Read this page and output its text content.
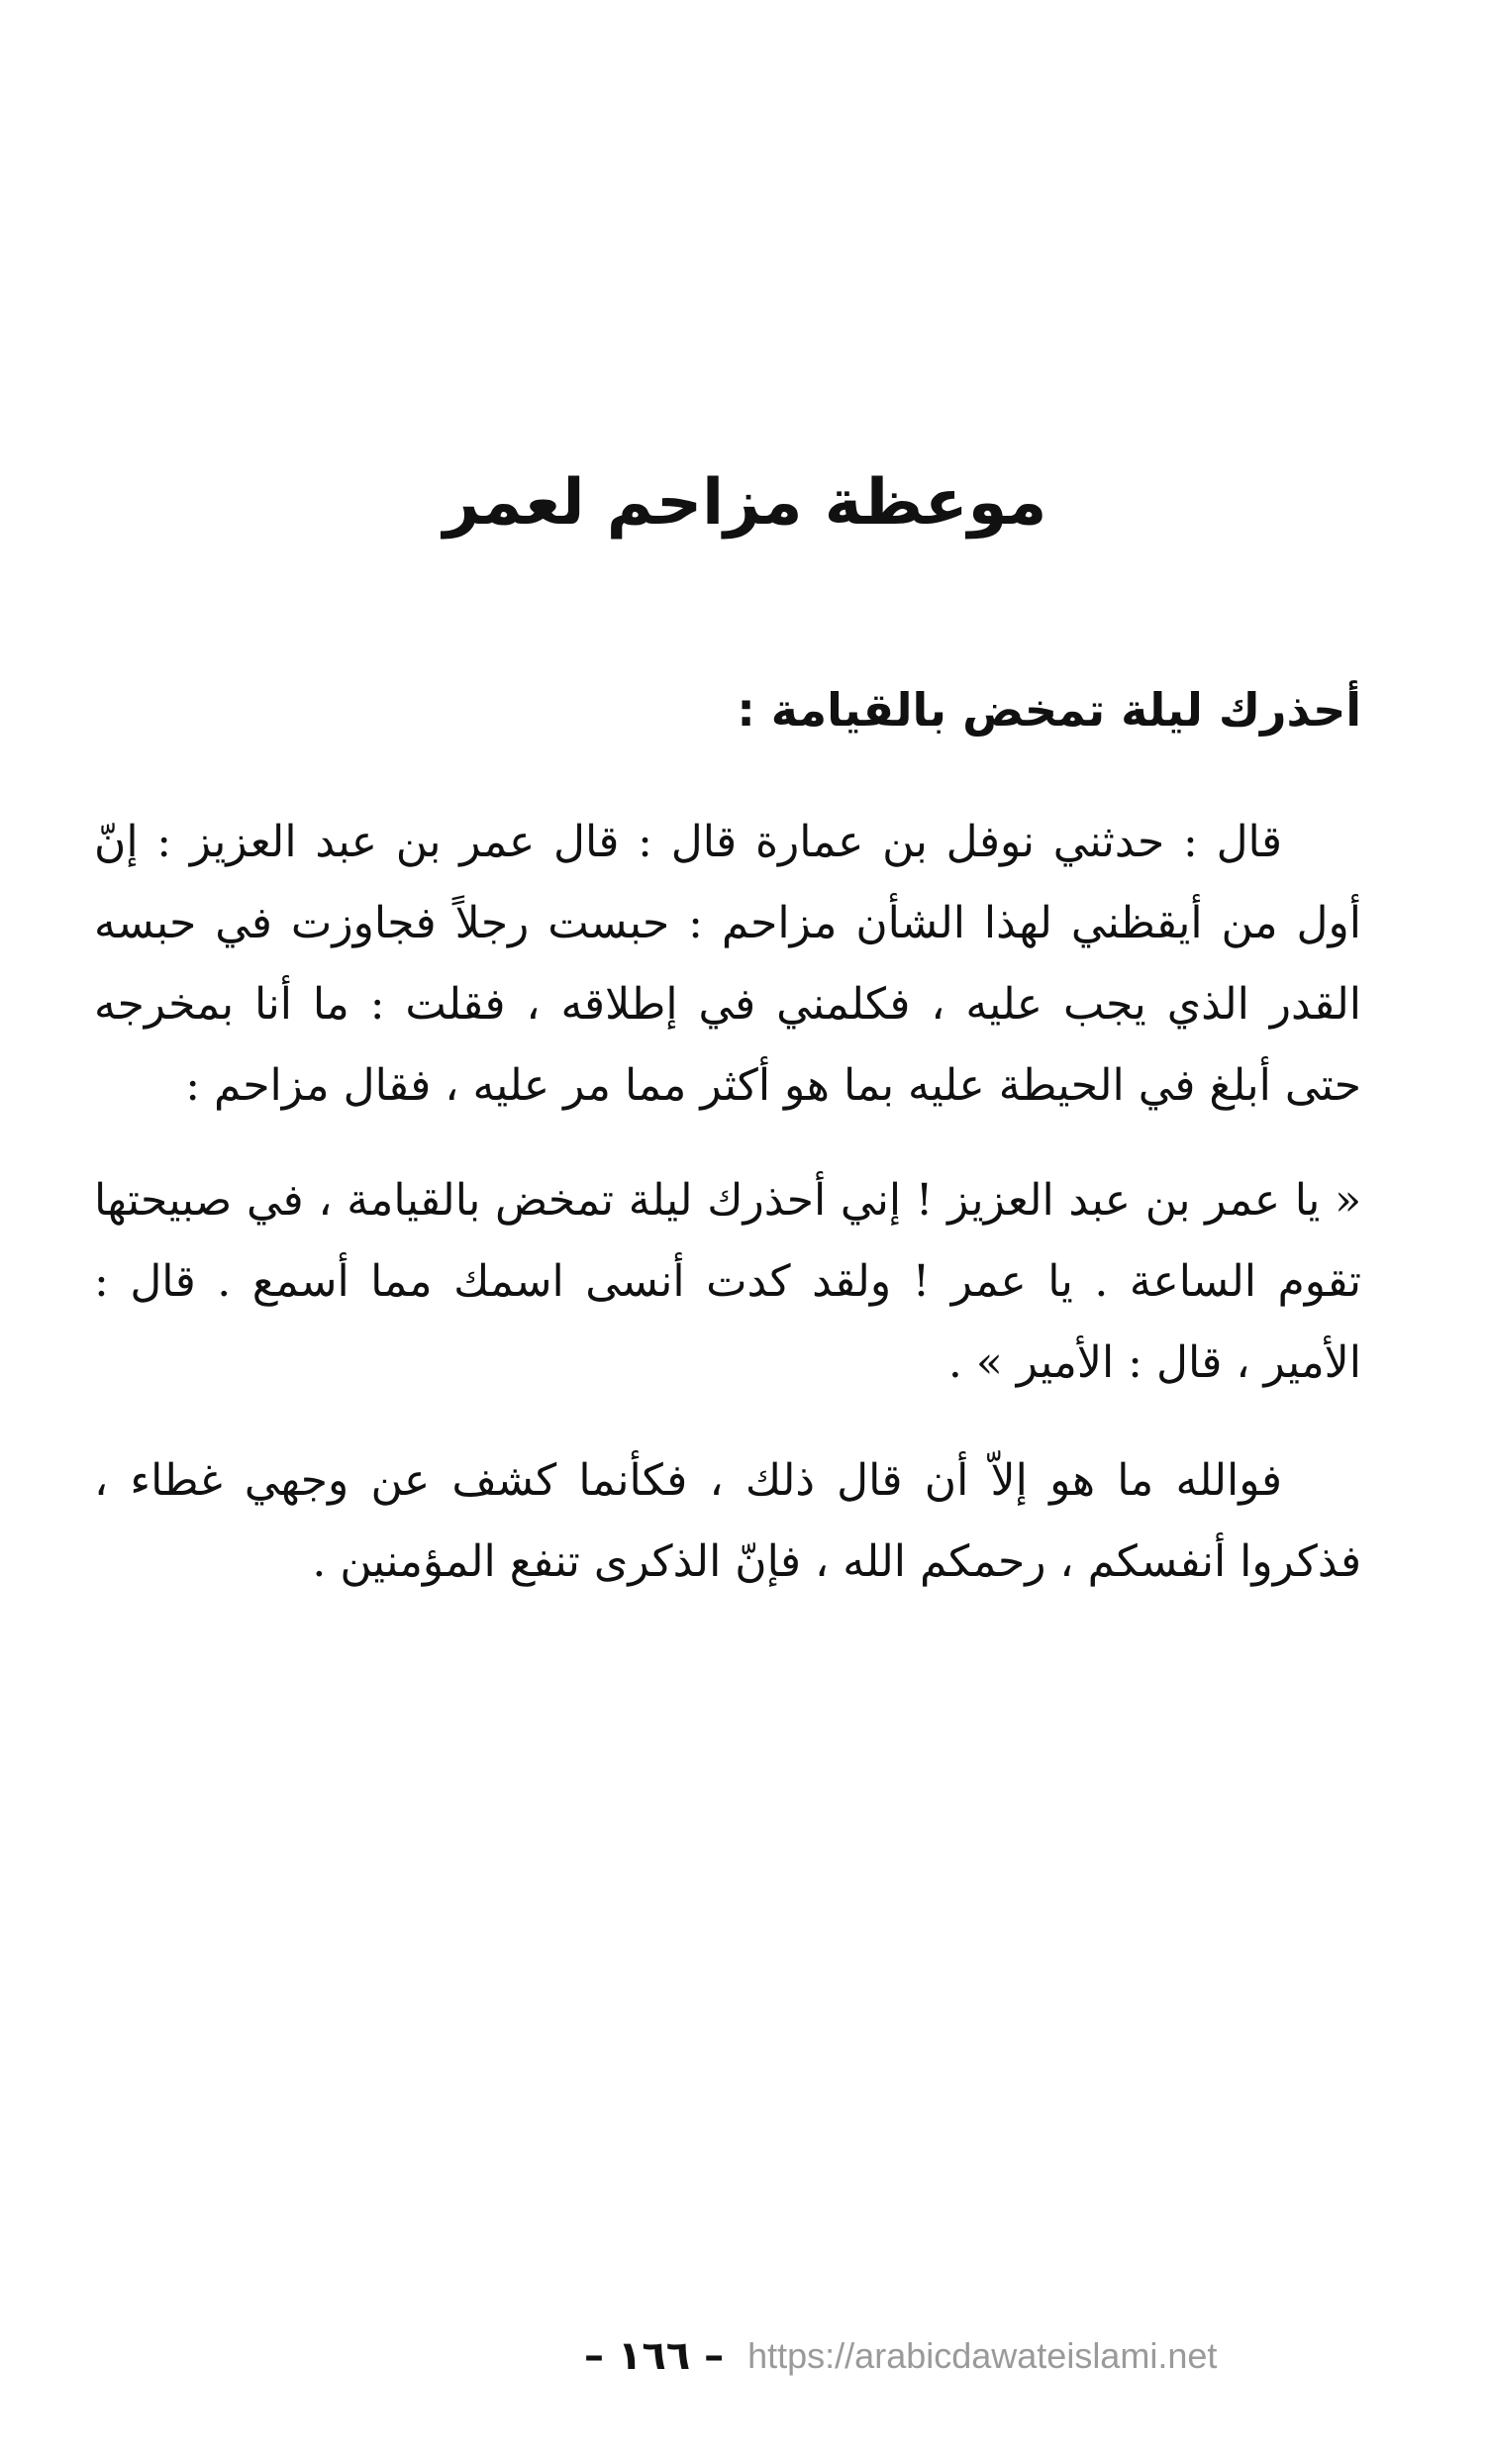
موعظة مزاحم لعمر
أحذرك ليلة تمخض بالقيامة :

قال : حدثني نوفل بن عمارة قال : قال عمر بن عبد العزيز : إنّ أول من أيقظني لهذا الشأن مزاحم : حبست رجلاً فجاوزت في حبسه القدر الذي يجب عليه ، فكلمني في إطلاقه ، فقلت : ما أنا بمخرجه حتى أبلغ في الحيطة عليه بما هو أكثر مما مر عليه ، فقال مزاحم :

« يا عمر بن عبد العزيز ! إني أحذرك ليلة تمخض بالقيامة ، في صبيحتها تقوم الساعة . يا عمر ! ولقد كدت أنسى اسمك مما أسمع . قال : الأمير ، قال : الأمير » .

فوالله ما هو إلاّ أن قال ذلك ، فكأنما كشف عن وجهي غطاء ، فذكروا أنفسكم ، رحمكم الله ، فإنّ الذكرى تنفع المؤمنين .

– ١٦٦ – https://arabicdawateislami.net
